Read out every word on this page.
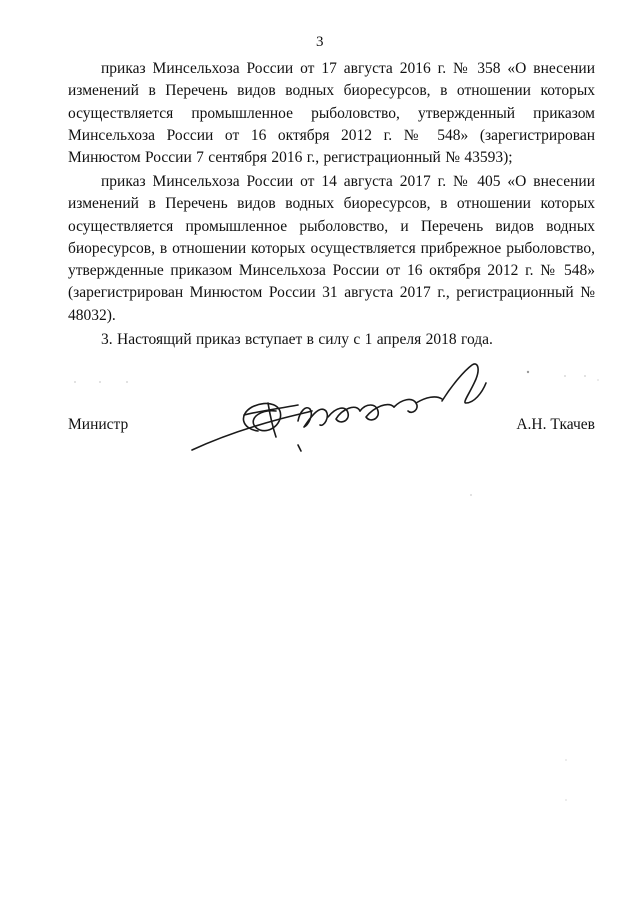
3

приказ Минсельхоза России от 17 августа 2016 г. № 358 «О внесении изменений в Перечень видов водных биоресурсов, в отношении которых осуществляется промышленное рыболовство, утвержденный приказом Минсельхоза России от 16 октября 2012 г. № 548» (зарегистрирован Минюстом России 7 сентября 2016 г., регистрационный № 43593);

приказ Минсельхоза России от 14 августа 2017 г. № 405 «О внесении изменений в Перечень видов водных биоресурсов, в отношении которых осуществляется промышленное рыболовство, и Перечень видов водных биоресурсов, в отношении которых осуществляется прибрежное рыболовство, утвержденные приказом Минсельхоза России от 16 октября 2012 г. № 548» (зарегистрирован Минюстом России 31 августа 2017 г., регистрационный № 48032).

3. Настоящий приказ вступает в силу с 1 апреля 2018 года.

Министр	А.Н. Ткачев
